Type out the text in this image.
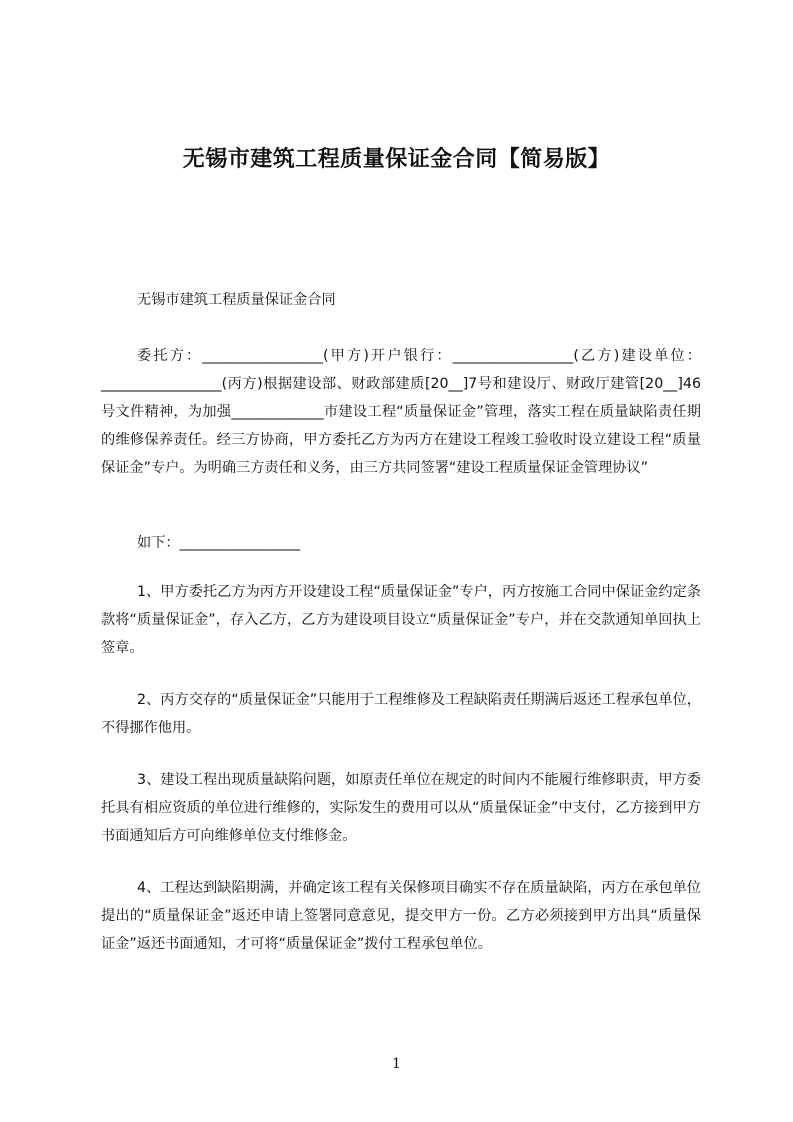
无锡市建筑工程质量保证金合同【简易版】

无锡市建筑工程质量保证金合同

委托方：_________________(甲方)开户银行：_________________(乙方)建设单位：_________________(丙方)根据建设部、财政部建质[20__]7号和建设厅、财政厅建管[20__]46号文件精神，为加强_____________市建设工程“质量保证金”管理，落实工程在质量缺陷责任期的维修保养责任。经三方协商，甲方委托乙方为丙方在建设工程竣工验收时设立建设工程“质量保证金”专户。为明确三方责任和义务，由三方共同签署“建设工程质量保证金管理协议”

如下：_________________

1、甲方委托乙方为丙方开设建设工程“质量保证金”专户，丙方按施工合同中保证金约定条款将“质量保证金”，存入乙方，乙方为建设项目设立“质量保证金”专户，并在交款通知单回执上签章。

2、丙方交存的“质量保证金”只能用于工程维修及工程缺陷责任期满后返还工程承包单位，不得挪作他用。

3、建设工程出现质量缺陷问题，如原责任单位在规定的时间内不能履行维修职责，甲方委托具有相应资质的单位进行维修的，实际发生的费用可以从“质量保证金”中支付，乙方接到甲方书面通知后方可向维修单位支付维修金。

4、工程达到缺陷期满，并确定该工程有关保修项目确实不存在质量缺陷，丙方在承包单位提出的“质量保证金”返还申请上签署同意意见，提交甲方一份。乙方必须接到甲方出具“质量保证金”返还书面通知，才可将“质量保证金”拨付工程承包单位。

1
